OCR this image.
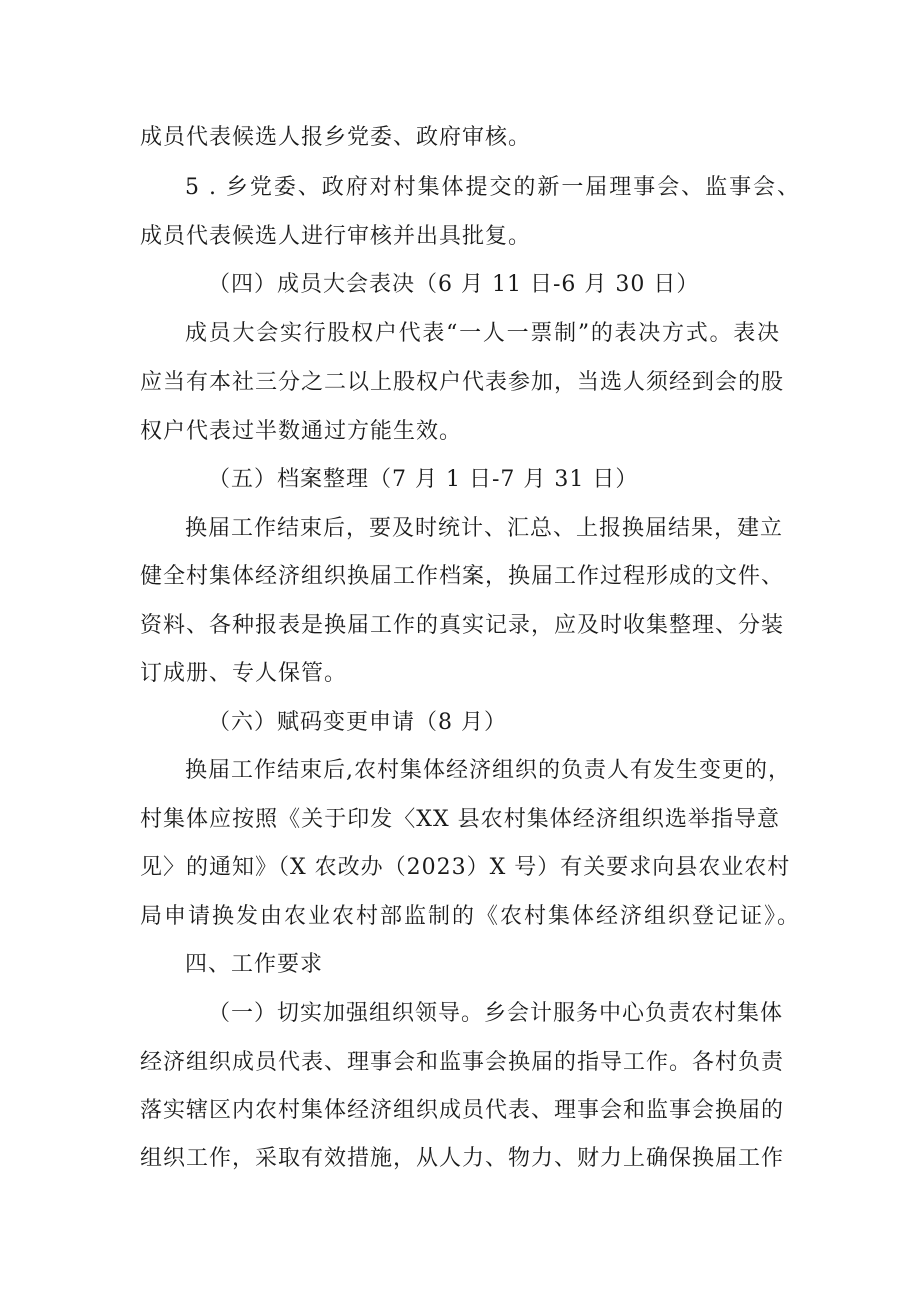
成员代表候选人报乡党委、政府审核。
5 . 乡党委、政府对村集体提交的新一届理事会、监事会、
成员代表候选人进行审核并出具批复。
（四）成员大会表决（6 月 11 日-6 月 30 日）
成员大会实行股权户代表“一人一票制”的表决方式。表决
应当有本社三分之二以上股权户代表参加，当选人须经到会的股
权户代表过半数通过方能生效。
（五）档案整理（7 月 1 日-7 月 31 日）
换届工作结束后，要及时统计、汇总、上报换届结果，建立
健全村集体经济组织换届工作档案，换届工作过程形成的文件、
资料、各种报表是换届工作的真实记录，应及时收集整理、分装
订成册、专人保管。
（六）赋码变更申请（8 月）
换届工作结束后,农村集体经济组织的负责人有发生变更的，
村集体应按照《关于印发〈XX 县农村集体经济组织选举指导意
见〉的通知》（X 农改办（2023）X 号）有关要求向县农业农村
局申请换发由农业农村部监制的《农村集体经济组织登记证》。
四、工作要求
（一）切实加强组织领导。乡会计服务中心负责农村集体
经济组织成员代表、理事会和监事会换届的指导工作。各村负责
落实辖区内农村集体经济组织成员代表、理事会和监事会换届的
组织工作，采取有效措施，从人力、物力、财力上确保换届工作
